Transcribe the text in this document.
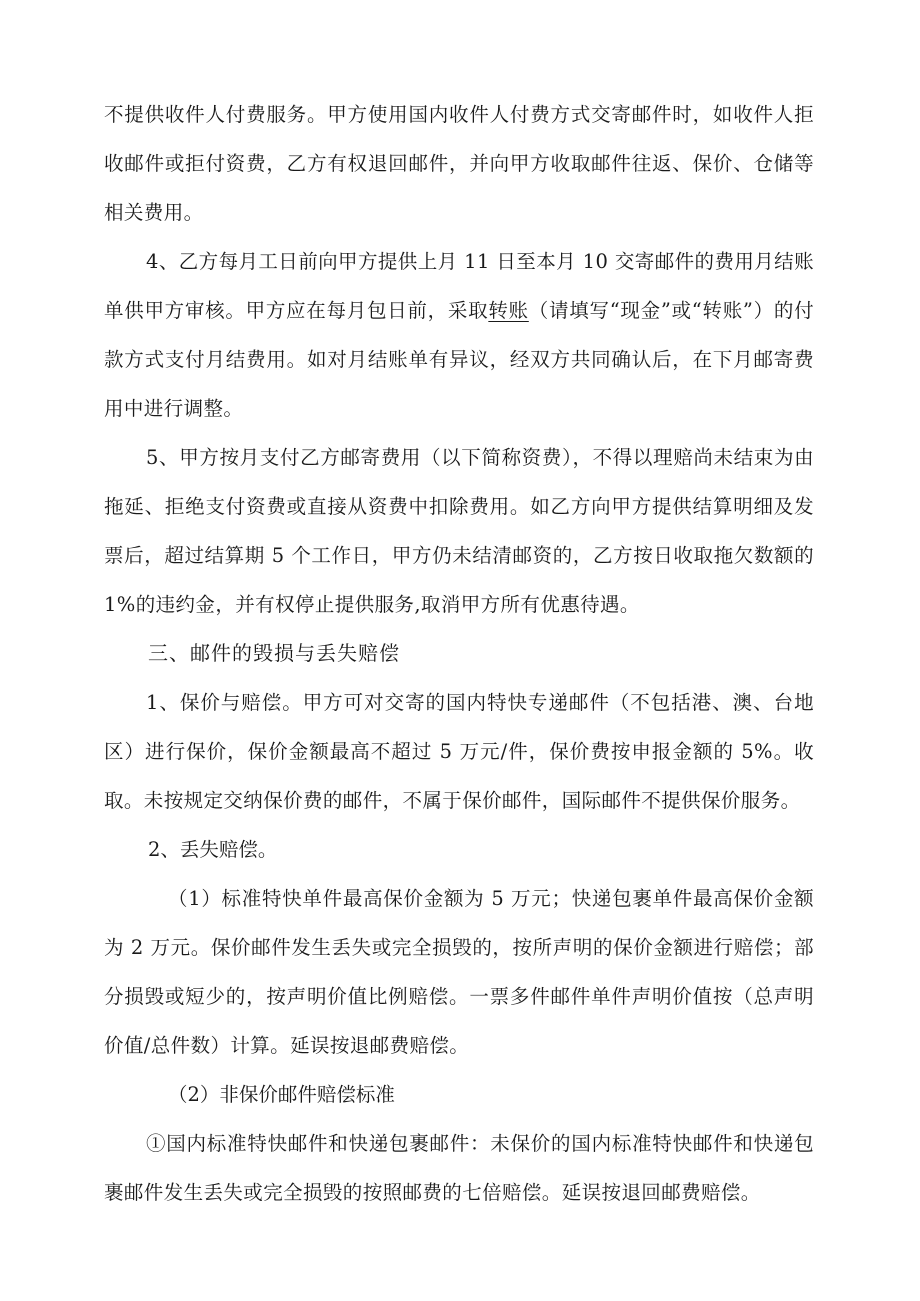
不提供收件人付费服务。甲方使用国内收件人付费方式交寄邮件时，如收件人拒收邮件或拒付资费，乙方有权退回邮件，并向甲方收取邮件往返、保价、仓储等相关费用。

4、乙方每月工日前向甲方提供上月 11 日至本月 10 交寄邮件的费用月结账单供甲方审核。甲方应在每月包日前，采取转账（请填写“现金”或“转账”）的付款方式支付月结费用。如对月结账单有异议，经双方共同确认后，在下月邮寄费用中进行调整。

5、甲方按月支付乙方邮寄费用（以下简称资费），不得以理赔尚未结束为由拖延、拒绝支付资费或直接从资费中扣除费用。如乙方向甲方提供结算明细及发票后，超过结算期 5 个工作日，甲方仍未结清邮资的，乙方按日收取拖欠数额的 1%的违约金，并有权停止提供服务,取消甲方所有优惠待遇。

三、邮件的毁损与丢失赔偿

1、保价与赔偿。甲方可对交寄的国内特快专递邮件（不包括港、澳、台地区）进行保价，保价金额最高不超过 5 万元/件，保价费按申报金额的 5%。收取。未按规定交纳保价费的邮件，不属于保价邮件，国际邮件不提供保价服务。

2、丢失赔偿。

（1）标准特快单件最高保价金额为 5 万元；快递包裹单件最高保价金额为 2 万元。保价邮件发生丢失或完全损毁的，按所声明的保价金额进行赔偿；部分损毁或短少的，按声明价值比例赔偿。一票多件邮件单件声明价值按（总声明价值/总件数）计算。延误按退邮费赔偿。

（2）非保价邮件赔偿标准

①国内标准特快邮件和快递包裹邮件：未保价的国内标准特快邮件和快递包裹邮件发生丢失或完全损毁的按照邮费的七倍赔偿。延误按退回邮费赔偿。
